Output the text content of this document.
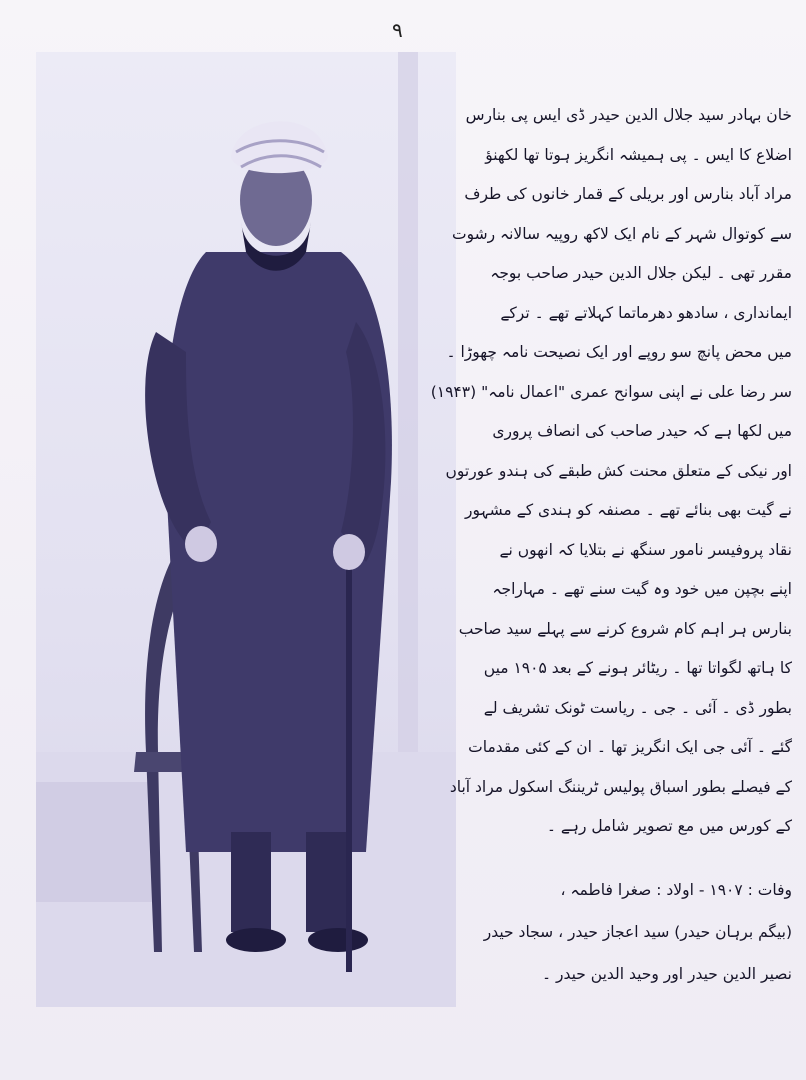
۹
خان بہادر سید جلال الدین حیدر ڈی ایس پی بنارس
اضلاع کا ایس ۔ پی ہمیشہ انگریز ہوتا تھا لکھنؤ
مراد آباد بنارس اور بریلی کے قمار خانوں کی طرف
سے کوتوال شہر کے نام ایک لاکھ روپیہ سالانہ رشوت
مقرر تھی ۔ لیکن جلال الدین حیدر صاحب بوجہ
ایمانداری ، سادھو دھرماتما کہلاتے تھے ۔ ترکے
میں محض پانچ سو روپے اور ایک نصیحت نامہ چھوڑا ۔
سر رضا علی نے اپنی سوانح عمری "اعمال نامہ" (۱۹۴۳)
میں لکھا ہے کہ حیدر صاحب کی انصاف پروری
اور نیکی کے متعلق محنت کش طبقے کی ہندو عورتوں
نے گیت بھی بنائے تھے ۔ مصنفہ کو ہندی کے مشہور
نقاد پروفیسر نامور سنگھ نے بتلایا کہ انھوں نے
اپنے بچپن میں خود وہ گیت سنے تھے ۔ مہاراجہ
بنارس ہر اہم کام شروع کرنے سے پہلے سید صاحب
کا ہاتھ لگواتا تھا ۔ ریٹائر ہونے کے بعد ۱۹۰۵ میں
بطور ڈی ۔ آئی ۔ جی ۔ ریاست ٹونک تشریف لے
گئے ۔ آئی جی ایک انگریز تھا ۔ ان کے کئی مقدمات
کے فیصلے بطور اسباق پولیس ٹریننگ اسکول مراد آباد
کے کورس میں مع تصویر شامل رہے ۔
وفات : ۱۹۰۷ - اولاد : صغرا فاطمہ ،
(بیگم برہان حیدر) سید اعجاز حیدر ، سجاد حیدر
نصیر الدین حیدر اور وحید الدین حیدر ۔
